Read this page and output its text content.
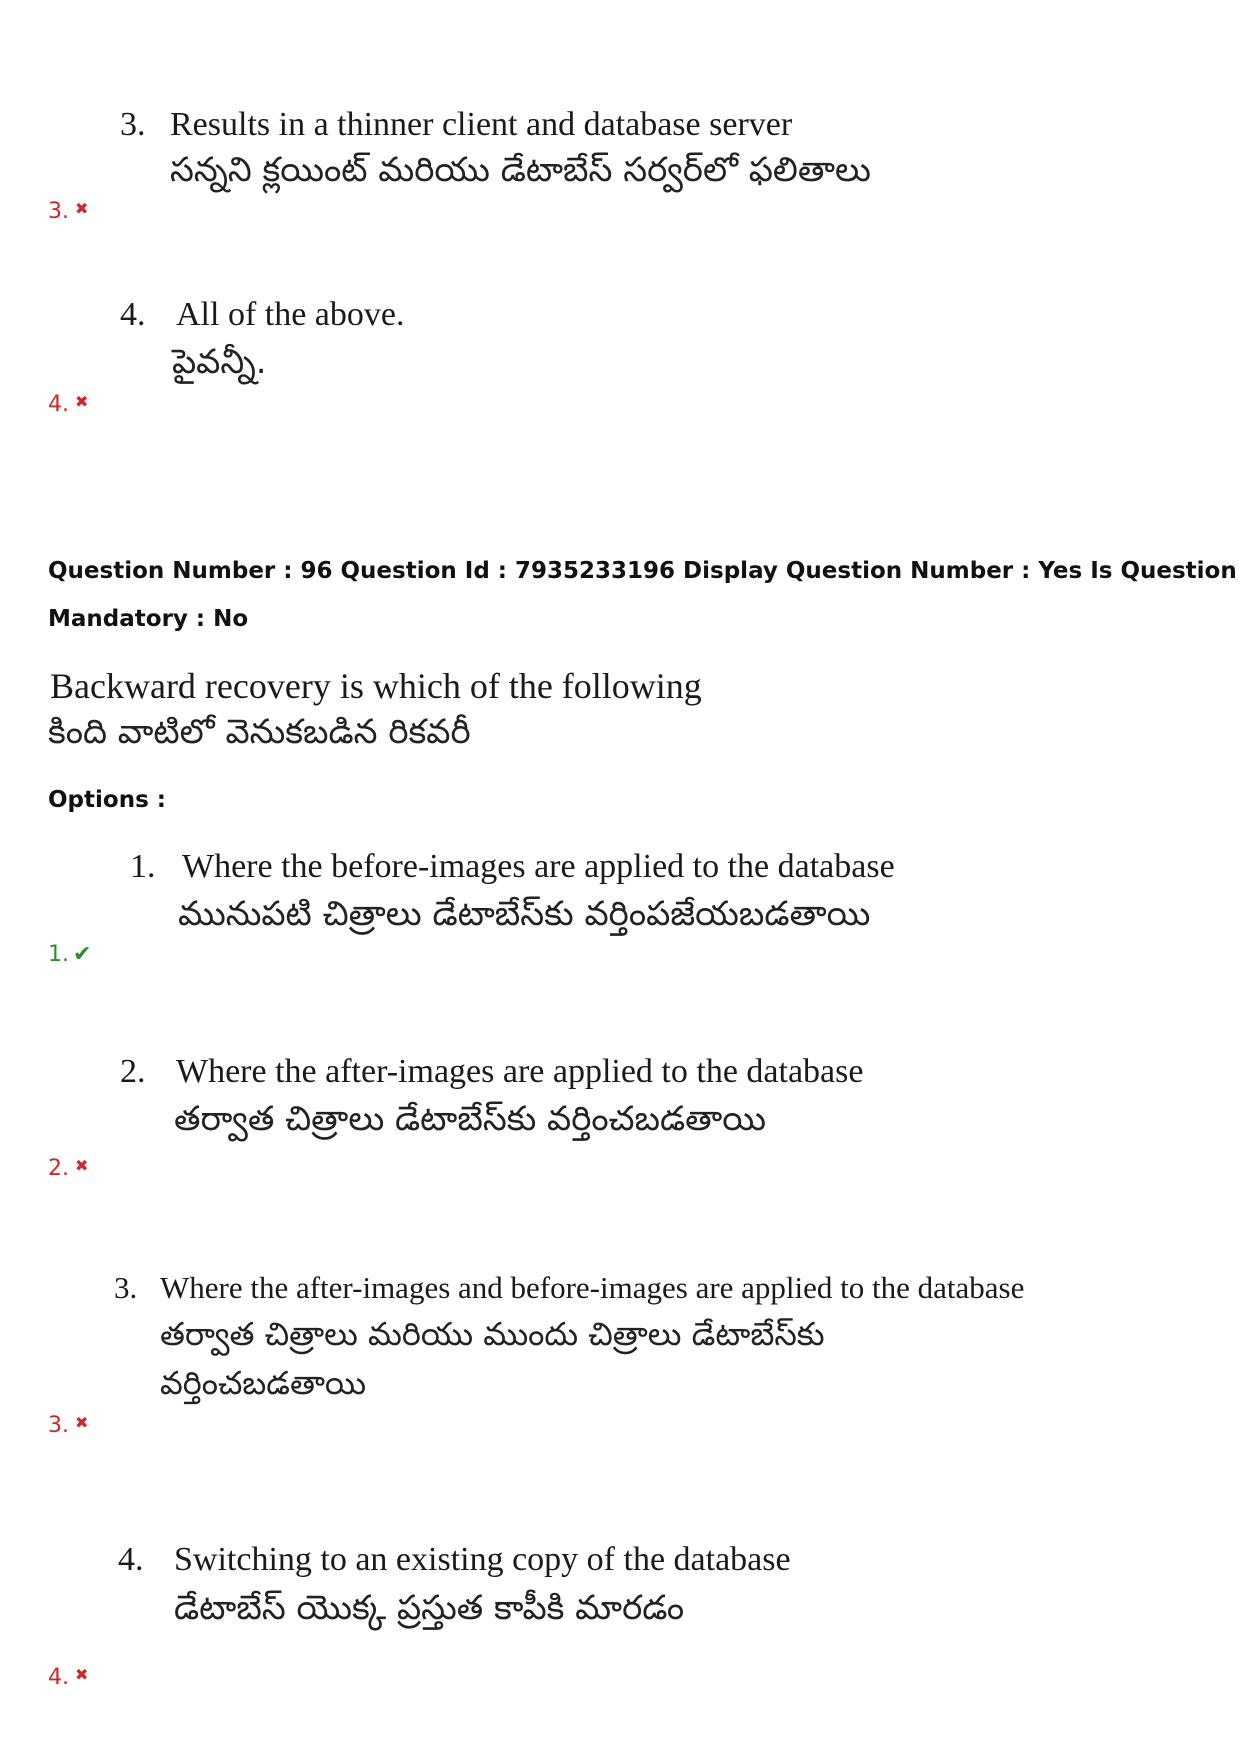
3. Results in a thinner client and database server
సన్నని క్లయింట్ మరియు డేటాబేస్ సర్వర్‌లో ఫలితాలు
3. ✖
4. All of the above.
పైవన్నీ.
4. ✖
Question Number : 96 Question Id : 7935233196 Display Question Number : Yes Is Question
Mandatory : No
Backward recovery is which of the following
కింది వాటిలో వెనుకబడిన రికవరీ
Options :
1. Where the before-images are applied to the database
మునుపటి చిత్రాలు డేటాబేస్‌కు వర్తింపజేయబడతాయి
1. ✔
2. Where the after-images are applied to the database
తర్వాత చిత్రాలు డేటాబేస్‌కు వర్తించబడతాయి
2. ✖
3. Where the after-images and before-images are applied to the database
తర్వాత చిత్రాలు మరియు ముందు చిత్రాలు డేటాబేస్‌కు
వర్తించబడతాయి
3. ✖
4. Switching to an existing copy of the database
డేటాబేస్ యొక్క ప్రస్తుత కాపీకి మారడం
4. ✖
